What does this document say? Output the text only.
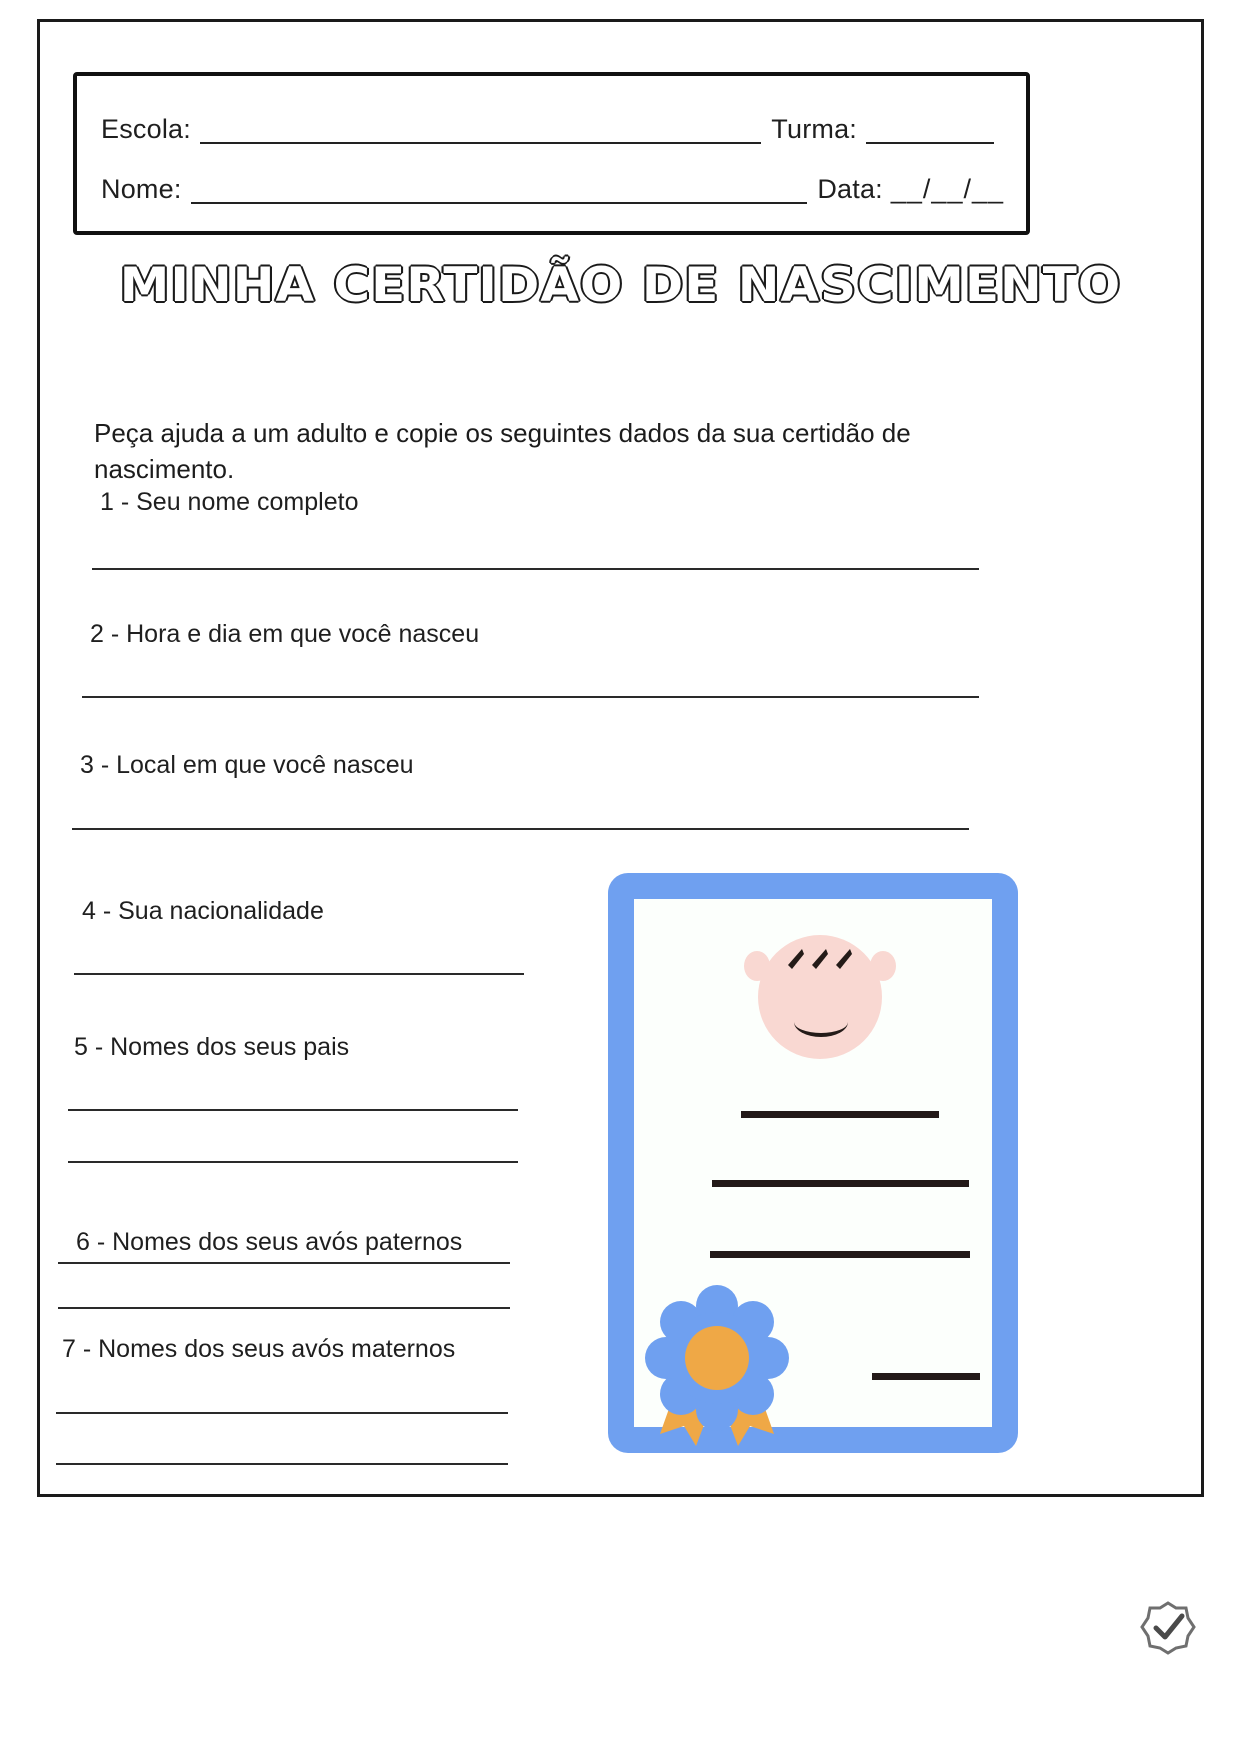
Escola:	Turma:
Nome:	Data: __/__/__
MINHA CERTIDÃO DE NASCIMENTO
Peça ajuda a um adulto e copie os seguintes dados da sua certidão de nascimento.
1 - Seu nome completo
2 - Hora e dia em que você nasceu
3 - Local em que você nasceu
4 - Sua nacionalidade
5 - Nomes dos seus pais
6 - Nomes dos seus avós paternos
7 - Nomes dos seus avós maternos
